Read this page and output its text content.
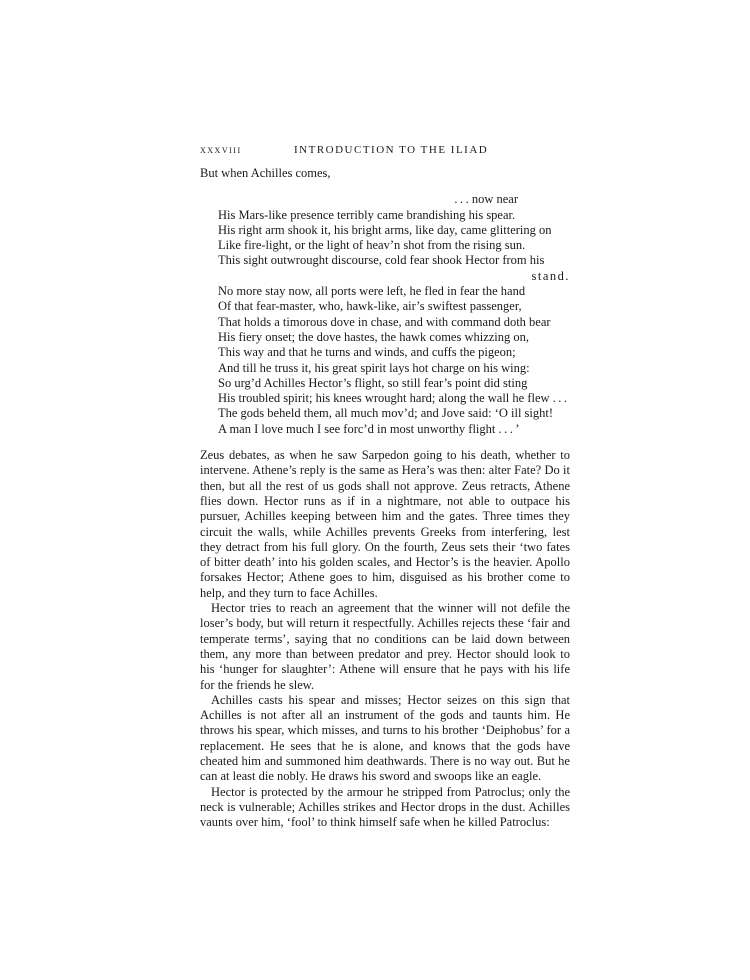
xxxviii	INTRODUCTION TO THE ILIAD
But when Achilles comes,
 . . . now near
His Mars-like presence terribly came brandishing his spear.
His right arm shook it, his bright arms, like day, came glittering on
Like fire-light, or the light of heav’n shot from the rising sun.
This sight outwrought discourse, cold fear shook Hector from his
stand.
No more stay now, all ports were left, he fled in fear the hand
Of that fear-master, who, hawk-like, air’s swiftest passenger,
That holds a timorous dove in chase, and with command doth bear
His fiery onset; the dove hastes, the hawk comes whizzing on,
This way and that he turns and winds, and cuffs the pigeon;
And till he truss it, his great spirit lays hot charge on his wing:
So urg’d Achilles Hector’s flight, so still fear’s point did sting
His troubled spirit; his knees wrought hard; along the wall he flew . . .
The gods beheld them, all much mov’d; and Jove said: ‘O ill sight!
A man I love much I see forc’d in most unworthy flight . . . ’

Zeus debates, as when he saw Sarpedon going to his death, whether to intervene. Athene’s reply is the same as Hera’s was then: alter Fate? Do it then, but all the rest of us gods shall not approve. Zeus retracts, Athene flies down. Hector runs as if in a nightmare, not able to outpace his pursuer, Achilles keeping between him and the gates. Three times they circuit the walls, while Achilles prevents Greeks from interfering, lest they detract from his full glory. On the fourth, Zeus sets their ‘two fates of bitter death’ into his golden scales, and Hector’s is the heavier. Apollo forsakes Hector; Athene goes to him, disguised as his brother come to help, and they turn to face Achilles.

Hector tries to reach an agreement that the winner will not defile the loser’s body, but will return it respectfully. Achilles rejects these ‘fair and temperate terms’, saying that no conditions can be laid down between them, any more than between predator and prey. Hector should look to his ‘hunger for slaughter’: Athene will ensure that he pays with his life for the friends he slew.

Achilles casts his spear and misses; Hector seizes on this sign that Achilles is not after all an instrument of the gods and taunts him. He throws his spear, which misses, and turns to his brother ‘Deiphobus’ for a replacement. He sees that he is alone, and knows that the gods have cheated him and summoned him deathwards. There is no way out. But he can at least die nobly. He draws his sword and swoops like an eagle.

Hector is protected by the armour he stripped from Patroclus; only the neck is vulnerable; Achilles strikes and Hector drops in the dust. Achilles vaunts over him, ‘fool’ to think himself safe when he killed Patroclus:
